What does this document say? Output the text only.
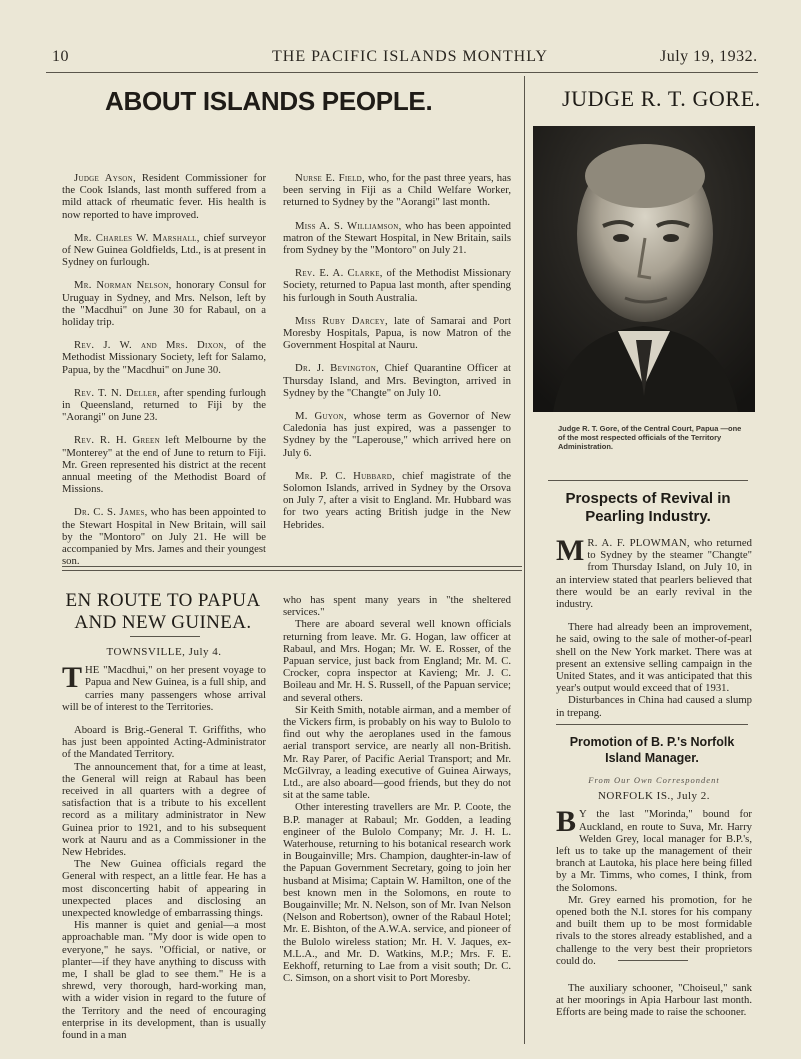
10	THE PACIFIC ISLANDS MONTHLY	July 19, 1932.
ABOUT ISLANDS PEOPLE.

Judge Ayson, Resident Commissioner for the Cook Islands, last month suffered from a mild attack of rheumatic fever. His health is now reported to have improved.

Mr. Charles W. Marshall, chief surveyor of New Guinea Goldfields, Ltd., is at present in Sydney on furlough.

Mr. Norman Nelson, honorary Consul for Uruguay in Sydney, and Mrs. Nelson, left by the "Macdhui" on June 30 for Rabaul, on a holiday trip.

Rev. J. W. and Mrs. Dixon, of the Methodist Missionary Society, left for Salamo, Papua, by the "Macdhui" on June 30.

Rev. T. N. Deller, after spending furlough in Queensland, returned to Fiji by the "Aorangi" on June 23.

Rev. R. H. Green left Melbourne by the "Monterey" at the end of June to return to Fiji. Mr. Green represented his district at the recent annual meeting of the Methodist Board of Missions.

Dr. C. S. James, who has been appointed to the Stewart Hospital in New Britain, will sail by the "Montoro" on July 21. He will be accompanied by Mrs. James and their youngest son.

Nurse E. Field, who, for the past three years, has been serving in Fiji as a Child Welfare Worker, returned to Sydney by the "Aorangi" last month.

Miss A. S. Williamson, who has been appointed matron of the Stewart Hospital, in New Britain, sails from Sydney by the "Montoro" on July 21.

Rev. E. A. Clarke, of the Methodist Missionary Society, returned to Papua last month, after spending his furlough in South Australia.

Miss Ruby Darcey, late of Samarai and Port Moresby Hospitals, Papua, is now Matron of the Government Hospital at Nauru.

Dr. J. Bevington, Chief Quarantine Officer at Thursday Island, and Mrs. Bevington, arrived in Sydney by the "Changte" on July 10.

M. Guyon, whose term as Governor of New Caledonia has just expired, was a passenger to Sydney by the "Laperouse," which arrived here on July 6.

Mr. P. C. Hubbard, chief magistrate of the Solomon Islands, arrived in Sydney by the Orsova on July 7, after a visit to England. Mr. Hubbard was for two years acting British judge in the New Hebrides.

JUDGE R. T. GORE.
Judge R. T. Gore, of the Central Court, Papua —one of the most respected officials of the Territory Administration.
Prospects of Revival in Pearling Industry.

M R. A. F. PLOWMAN, who returned to Sydney by the steamer "Changte" from Thursday Island, on July 10, in an interview stated that pearlers believed that there would be an early revival in the industry.

There had already been an improvement, he said, owing to the sale of mother-of-pearl shell on the New York market. There was at present an extensive selling campaign in the United States, and it was anticipated that this year's output would exceed that of 1931.

Disturbances in China had caused a slump in trepang.

EN ROUTE TO PAPUA AND NEW GUINEA.
TOWNSVILLE, July 4.

THE "Macdhui," on her present voyage to Papua and New Guinea, is a full ship, and carries many passengers whose arrival will be of interest to the Territories.

Aboard is Brig.-General T. Griffiths, who has just been appointed Acting-Administrator of the Mandated Territory.

The announcement that, for a time at least, the General will reign at Rabaul has been received in all quarters with a degree of satisfaction that is a tribute to his excellent record as a military administrator in New Guinea prior to 1921, and to his subsequent work at Nauru and as a Commissioner in the New Hebrides.

The New Guinea officials regard the General with respect, an a little fear. He has a most disconcerting habit of appearing in unexpected places and disclosing an unexpected knowledge of embarrassing things.

His manner is quiet and genial—a most approachable man. "My door is wide open to everyone," he says. "Official, or native, or planter—if they have anything to discuss with me, I shall be glad to see them." He is a shrewd, very thorough, hard-working man, with a wider vision in regard to the future of the Territory and the need of encouraging enterprise in its development, than is usually found in a man

who has spent many years in "the sheltered services."

There are aboard several well known officials returning from leave. Mr. G. Hogan, law officer at Rabaul, and Mrs. Hogan; Mr. W. E. Rosser, of the Papuan service, just back from England; Mr. M. C. Crocker, copra inspector at Kavieng; Mr. J. C. Boileau and Mr. H. S. Russell, of the Papuan service; and several others.

Sir Keith Smith, notable airman, and a member of the Vickers firm, is probably on his way to Bulolo to find out why the aeroplanes used in the famous aerial transport service, are nearly all non-British. Mr. Ray Parer, of Pacific Aerial Transport; and Mr. McGilvray, a leading executive of Guinea Airways, Ltd., are also aboard—good friends, but they do not sit at the same table.

Other interesting travellers are Mr. P. Coote, the B.P. manager at Rabaul; Mr. Godden, a leading engineer of the Bulolo Company; Mr. J. H. L. Waterhouse, returning to his botanical research work in Bougainville; Mrs. Champion, daughter-in-law of the Papuan Government Secretary, going to join her husband at Misima; Captain W. Hamilton, one of the best known men in the Solomons, en route to Bougainville; Mr. N. Nelson, son of Mr. Ivan Nelson (Nelson and Robertson), owner of the Rabaul Hotel; Mr. E. Bishton, of the A.W.A. service, and pioneer of the Bulolo wireless station; Mr. H. V. Jaques, ex-M.L.A., and Mr. D. Watkins, M.P.; Mrs. F. E. Eekhoff, returning to Lae from a visit south; Dr. C. C. Simson, on a short visit to Port Moresby.

Promotion of B. P.'s Norfolk Island Manager.
From Our Own Correspondent
NORFOLK IS., July 2.

B Y the last "Morinda," bound for Auckland, en route to Suva, Mr. Harry Welden Grey, local manager for B.P.'s, left us to take up the management of their branch at Lautoka, his place here being filled by a Mr. Timms, who comes, I think, from the Solomons.

Mr. Grey earned his promotion, for he opened both the N.I. stores for his company and built them up to be most formidable rivals to the stores already established, and a challenge to the very best their proprietors could do.

The auxiliary schooner, "Choiseul," sank at her moorings in Apia Harbour last month. Efforts are being made to raise the schooner.
